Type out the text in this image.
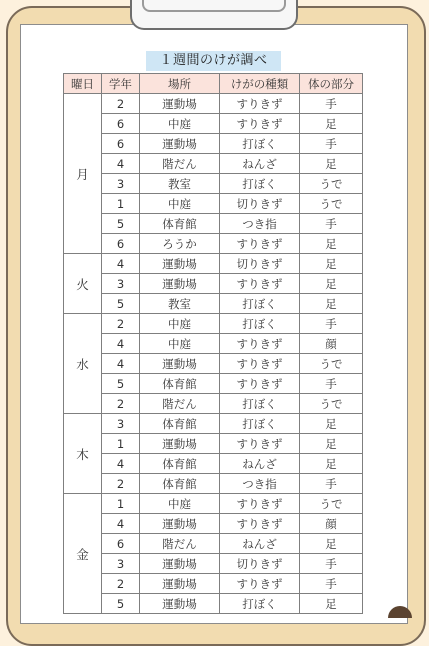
１週間のけが調べ
曜日	学年	場所	けがの種類	体の部分
月	2	運動場	すりきず	手
	6	中庭	すりきず	足
	6	運動場	打ぼく	手
	4	階だん	ねんざ	足
	3	教室	打ぼく	うで
	1	中庭	切りきず	うで
	5	体育館	つき指	手
	6	ろうか	すりきず	足
火	4	運動場	切りきず	足
	3	運動場	すりきず	足
	5	教室	打ぼく	足
水	2	中庭	打ぼく	手
	4	中庭	すりきず	顔
	4	運動場	すりきず	うで
	5	体育館	すりきず	手
	2	階だん	打ぼく	うで
木	3	体育館	打ぼく	足
	1	運動場	すりきず	足
	4	体育館	ねんざ	足
	2	体育館	つき指	手
金	1	中庭	すりきず	うで
	4	運動場	すりきず	顔
	6	階だん	ねんざ	足
	3	運動場	切りきず	手
	2	運動場	すりきず	手
	5	運動場	打ぼく	足
